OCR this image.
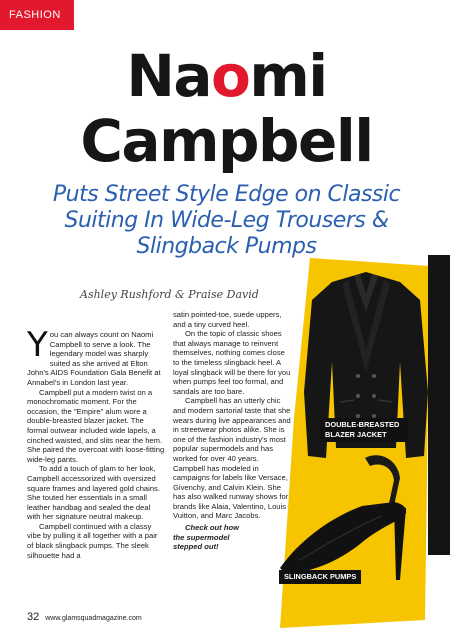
FASHION
Naomi
Campbell
Puts Street Style Edge on Classic
Suiting In Wide-Leg Trousers &
Slingback Pumps
Ashley Rushford & Praise David

You can always count on Naomi Campbell to serve a look. The legendary model was sharply suited as she arrived at Elton John's AIDS Foundation Gala Benefit at Annabel's in London last year.

Campbell put a modern twist on a monochromatic moment. For the occasion, the "Empire" alum wore a double-breasted blazer jacket. The formal outwear included wide lapels, a cinched waisted, and slits near the hem. She paired the overcoat with loose-fitting wide-leg pants.

To add a touch of glam to her look, Campbell accessorized with oversized square frames and layered gold chains. She touted her essentials in a small leather handbag and sealed the deal with her signature neutral makeup.

Campbell continued with a classy vibe by pulling it all together with a pair of black slingback pumps. The sleek silhouette had a

satin pointed-toe, suede uppers, and a tiny curved heel.

On the topic of classic shoes that always manage to reinvent themselves, nothing comes close to the timeless slingback heel. A loyal slingback will be there for you when pumps feel too formal, and sandals are too bare.

Campbell has an utterly chic and modern sartorial taste that she wears during live appearances and in streetwear photos alike. She is one of the fashion industry's most popular supermodels and has worked for over 40 years. Campbell has modeled in campaigns for labels like Versace, Givenchy, and Calvin Klein. She has also walked runway shows for brands like Alaia, Valentino, Louis Vuitton, and Marc Jacobs.

Check out how
the supermodel
stepped out!

DOUBLE-BREASTED
BLAZER JACKET
SLINGBACK PUMPS
32 www.glamsquadmagazine.com
